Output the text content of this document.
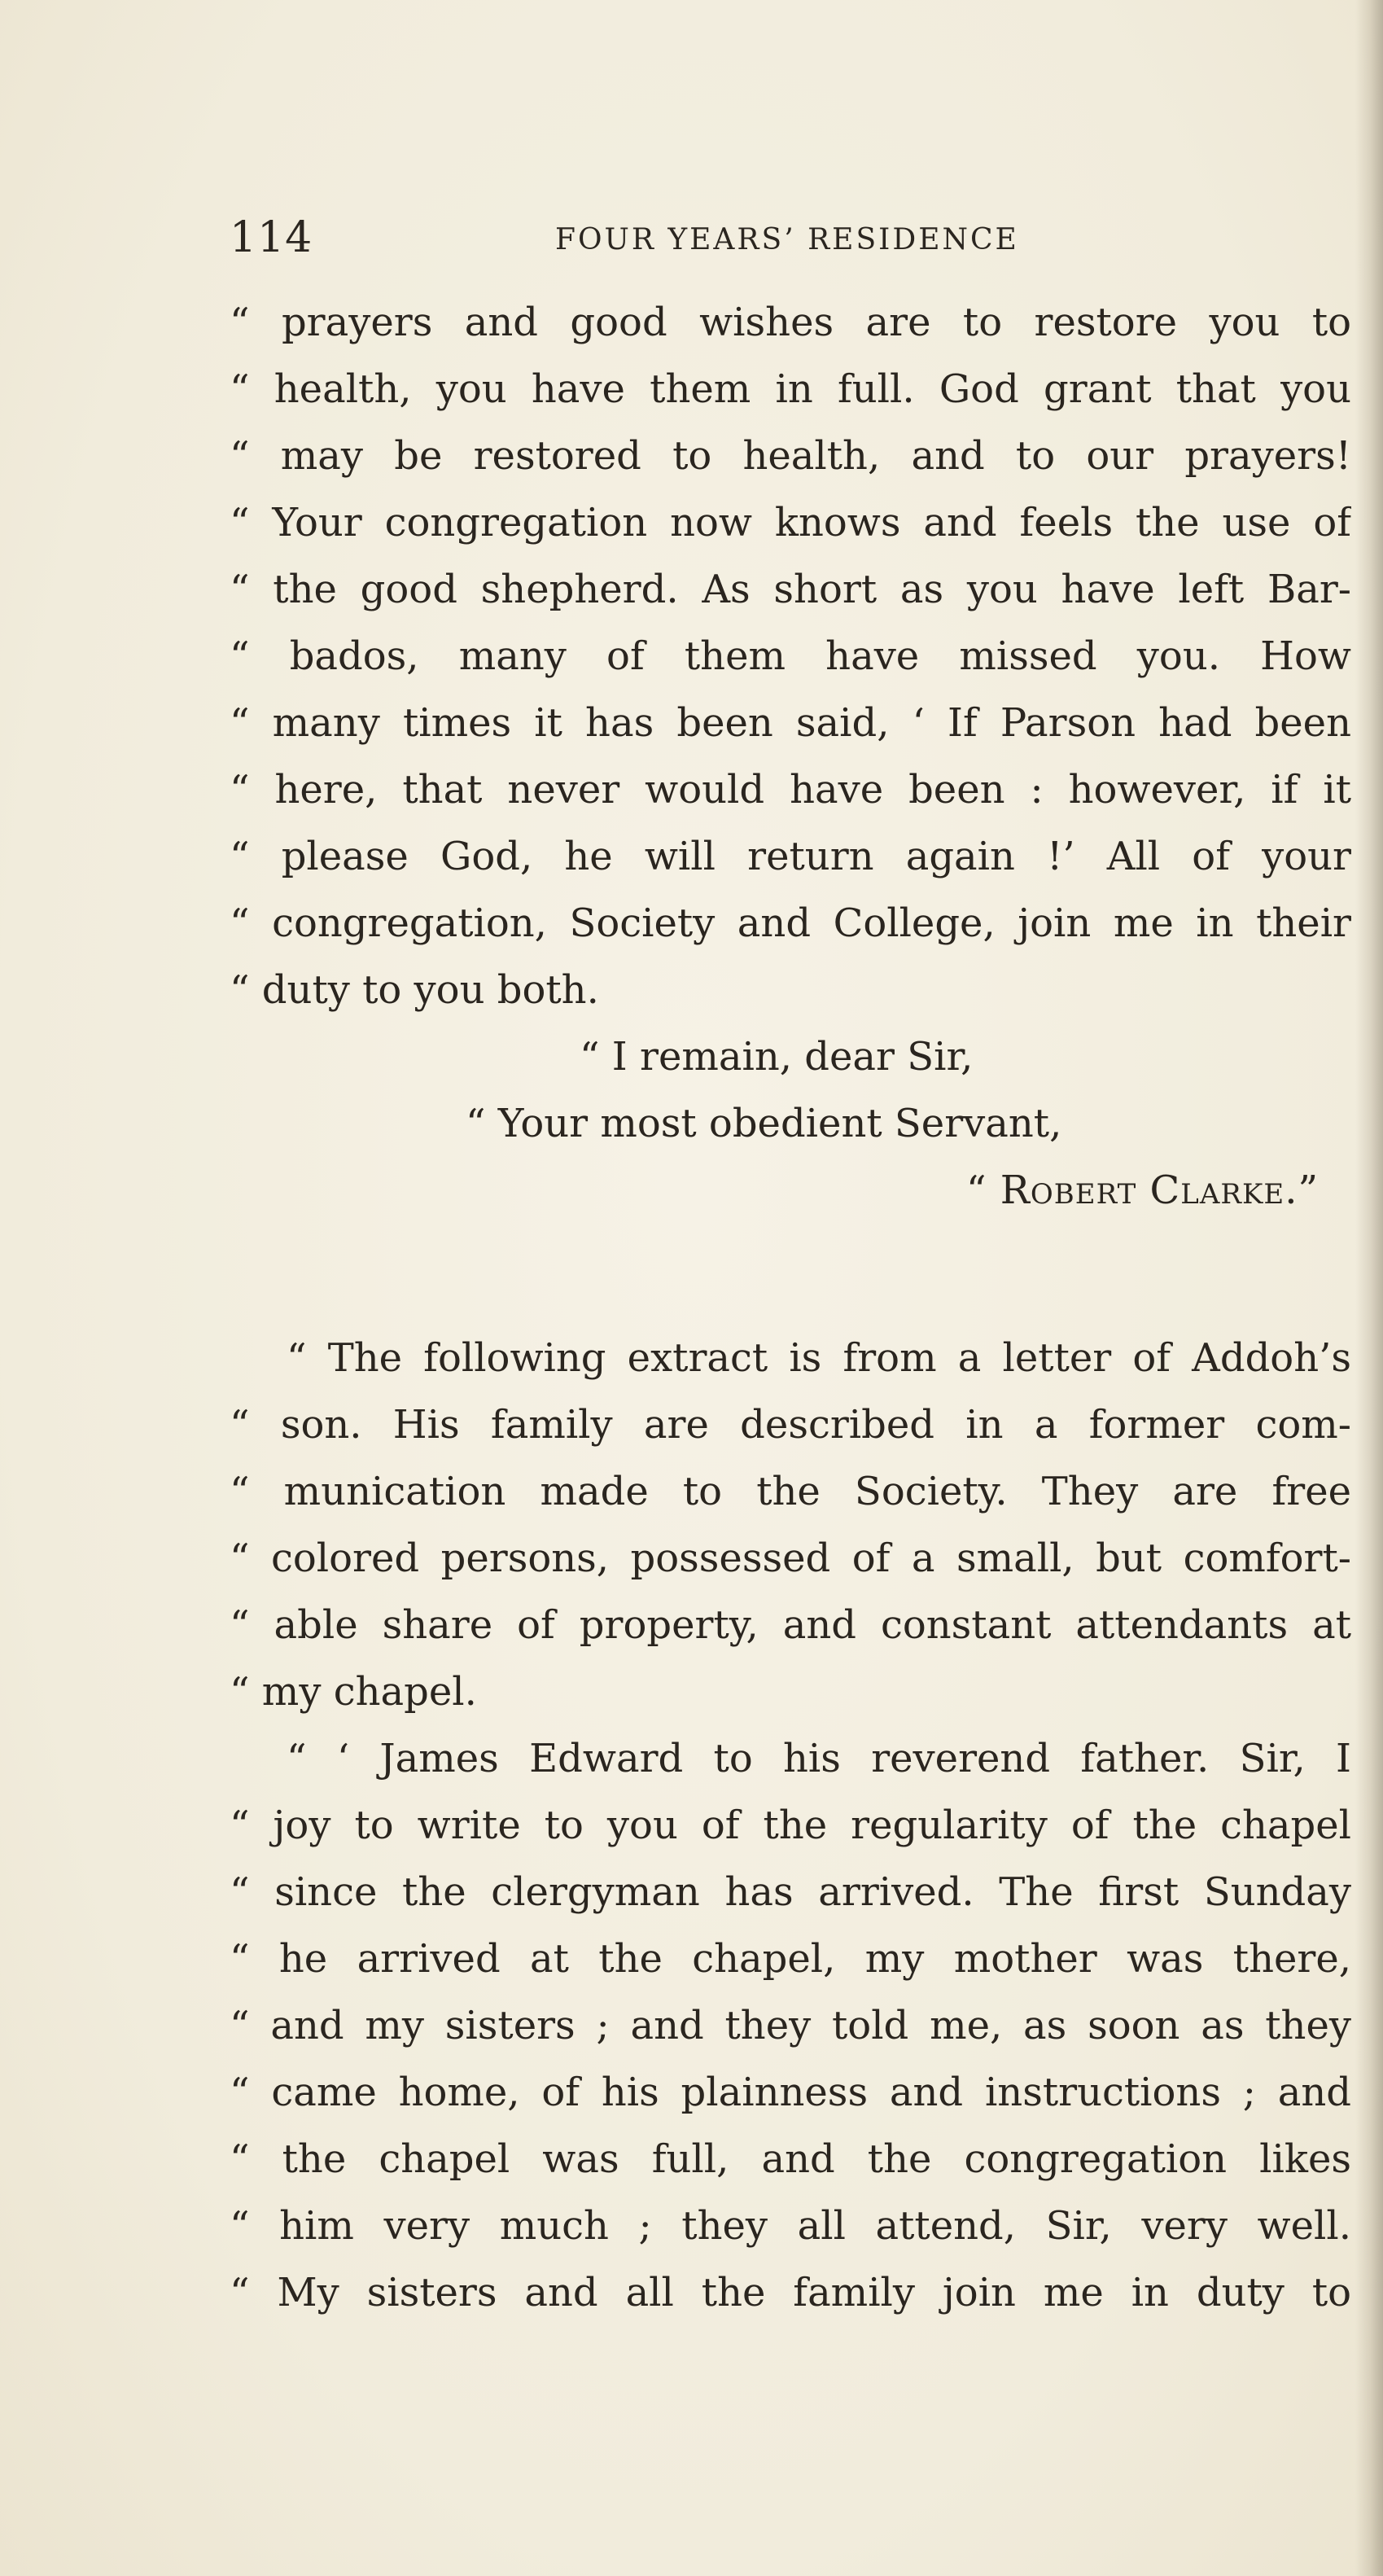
114	FOUR YEARS’ RESIDENCE
“ prayers and good wishes are to restore you to
“ health, you have them in full. God grant that you
“ may be restored to health, and to our prayers!
“ Your congregation now knows and feels the use of
“ the good shepherd. As short as you have left Bar-
“ bados, many of them have missed you. How
“ many times it has been said, ‘ If Parson had been
“ here, that never would have been : however, if it
“ please God, he will return again !’ All of your
“ congregation, Society and College, join me in their
“ duty to you both.
“ I remain, dear Sir,
“ Your most obedient Servant,
“ Robert Clarke.”
“ The following extract is from a letter of Addoh’s
“ son. His family are described in a former com-
“ munication made to the Society. They are free
“ colored persons, possessed of a small, but comfort-
“ able share of property, and constant attendants at
“ my chapel.
“ ‘ James Edward to his reverend father. Sir, I
“ joy to write to you of the regularity of the chapel
“ since the clergyman has arrived. The first Sunday
“ he arrived at the chapel, my mother was there,
“ and my sisters ; and they told me, as soon as they
“ came home, of his plainness and instructions ; and
“ the chapel was full, and the congregation likes
“ him very much ; they all attend, Sir, very well.
“ My sisters and all the family join me in duty to
